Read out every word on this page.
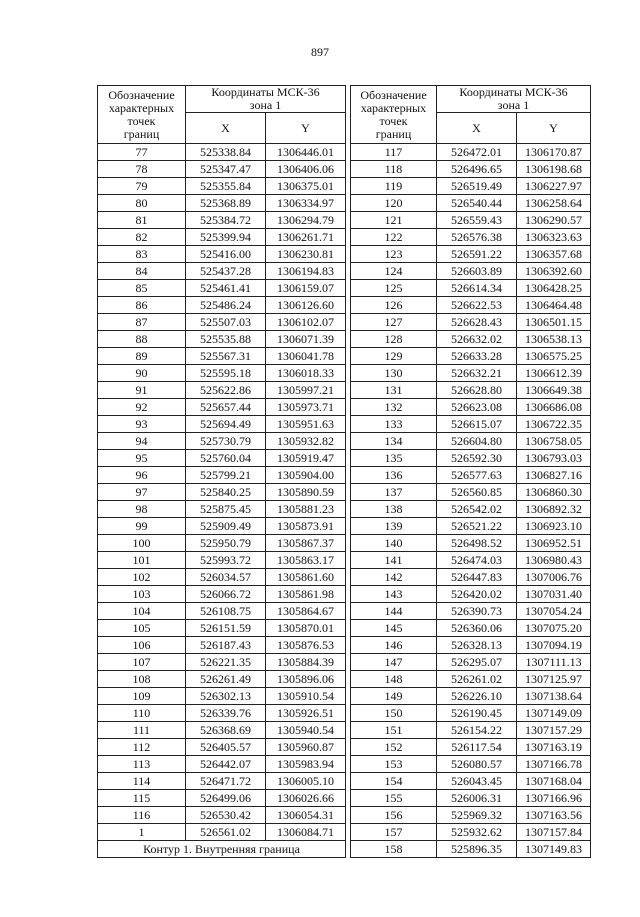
897
Обозначение
характерных
точек
границ	Координаты МСК-36
зона 1	
	X	Y
77	525338.84	1306446.01
78	525347.47	1306406.06
79	525355.84	1306375.01
80	525368.89	1306334.97
81	525384.72	1306294.79
82	525399.94	1306261.71
83	525416.00	1306230.81
84	525437.28	1306194.83
85	525461.41	1306159.07
86	525486.24	1306126.60
87	525507.03	1306102.07
88	525535.88	1306071.39
89	525567.31	1306041.78
90	525595.18	1306018.33
91	525622.86	1305997.21
92	525657.44	1305973.71
93	525694.49	1305951.63
94	525730.79	1305932.82
95	525760.04	1305919.47
96	525799.21	1305904.00
97	525840.25	1305890.59
98	525875.45	1305881.23
99	525909.49	1305873.91
100	525950.79	1305867.37
101	525993.72	1305863.17
102	526034.57	1305861.60
103	526066.72	1305861.98
104	526108.75	1305864.67
105	526151.59	1305870.01
106	526187.43	1305876.53
107	526221.35	1305884.39
108	526261.49	1305896.06
109	526302.13	1305910.54
110	526339.76	1305926.51
111	526368.69	1305940.54
112	526405.57	1305960.87
113	526442.07	1305983.94
114	526471.72	1306005.10
115	526499.06	1306026.66
116	526530.42	1306054.31
1	526561.02	1306084.71
Контур 1. Внутренняя граница		
Обозначение
характерных
точек
границ	Координаты МСК-36
зона 1	
	X	Y
117	526472.01	1306170.87
118	526496.65	1306198.68
119	526519.49	1306227.97
120	526540.44	1306258.64
121	526559.43	1306290.57
122	526576.38	1306323.63
123	526591.22	1306357.68
124	526603.89	1306392.60
125	526614.34	1306428.25
126	526622.53	1306464.48
127	526628.43	1306501.15
128	526632.02	1306538.13
129	526633.28	1306575.25
130	526632.21	1306612.39
131	526628.80	1306649.38
132	526623.08	1306686.08
133	526615.07	1306722.35
134	526604.80	1306758.05
135	526592.30	1306793.03
136	526577.63	1306827.16
137	526560.85	1306860.30
138	526542.02	1306892.32
139	526521.22	1306923.10
140	526498.52	1306952.51
141	526474.03	1306980.43
142	526447.83	1307006.76
143	526420.02	1307031.40
144	526390.73	1307054.24
145	526360.06	1307075.20
146	526328.13	1307094.19
147	526295.07	1307111.13
148	526261.02	1307125.97
149	526226.10	1307138.64
150	526190.45	1307149.09
151	526154.22	1307157.29
152	526117.54	1307163.19
153	526080.57	1307166.78
154	526043.45	1307168.04
155	526006.31	1307166.96
156	525969.32	1307163.56
157	525932.62	1307157.84
158	525896.35	1307149.83
